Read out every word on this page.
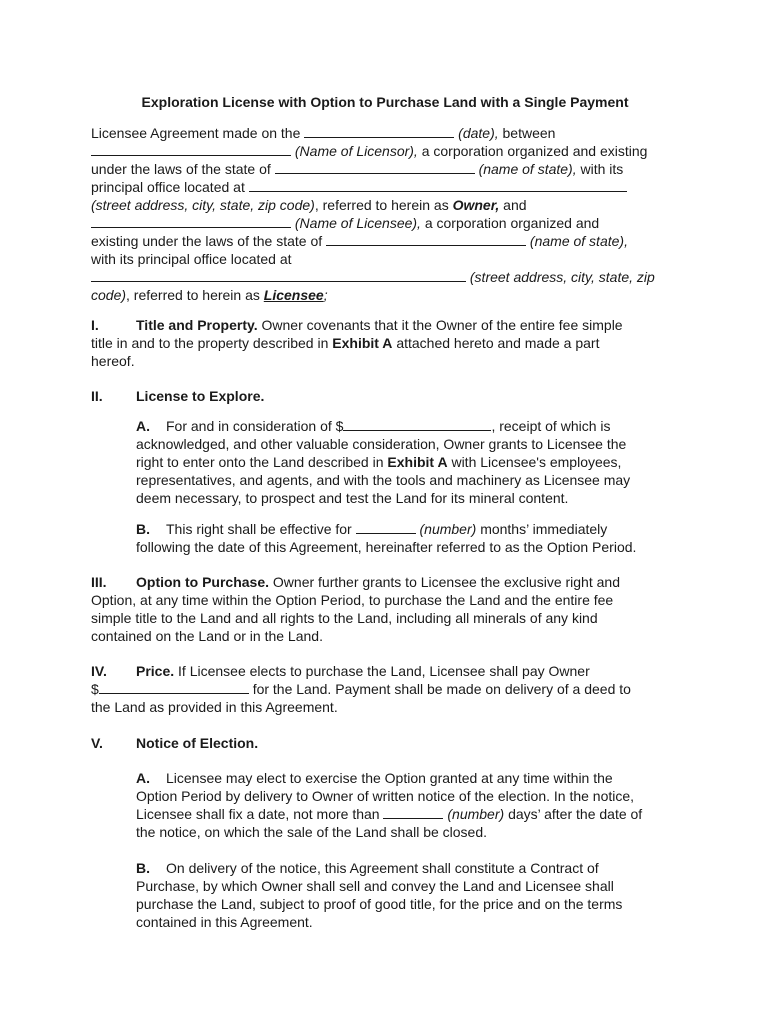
Exploration License with Option to Purchase Land with a Single Payment
Licensee Agreement made on the	(date), between
(Name of Licensor), a corporation organized and existing
under the laws of the state of	(name of state), with its
principal office located at
(street address, city, state, zip code), referred to herein as Owner, and
(Name of Licensee), a corporation organized and
existing under the laws of the state of	(name of state),
with its principal office located at
(street address, city, state, zip
code), referred to herein as Licensee;
I.	Title and Property. Owner covenants that it the Owner of the entire fee simple
title in and to the property described in Exhibit A attached hereto and made a part
hereof.
II. License to Explore.
A. For and in consideration of $	, receipt of which is
acknowledged, and other valuable consideration, Owner grants to Licensee the
right to enter onto the Land described in Exhibit A with Licensee's employees,
representatives, and agents, and with the tools and machinery as Licensee may
deem necessary, to prospect and test the Land for its mineral content.
B. This right shall be effective for	(number) months’ immediately
following the date of this Agreement, hereinafter referred to as the Option Period.
III. Option to Purchase. Owner further grants to Licensee the exclusive right and
Option, at any time within the Option Period, to purchase the Land and the entire fee
simple title to the Land and all rights to the Land, including all minerals of any kind
contained on the Land or in the Land.
IV. Price. If Licensee elects to purchase the Land, Licensee shall pay Owner
$	for the Land. Payment shall be made on delivery of a deed to
the Land as provided in this Agreement.
V. Notice of Election.
A. Licensee may elect to exercise the Option granted at any time within the
Option Period by delivery to Owner of written notice of the election. In the notice,
Licensee shall fix a date, not more than	(number) days’ after the date of
the notice, on which the sale of the Land shall be closed.
B. On delivery of the notice, this Agreement shall constitute a Contract of
Purchase, by which Owner shall sell and convey the Land and Licensee shall
purchase the Land, subject to proof of good title, for the price and on the terms
contained in this Agreement.
